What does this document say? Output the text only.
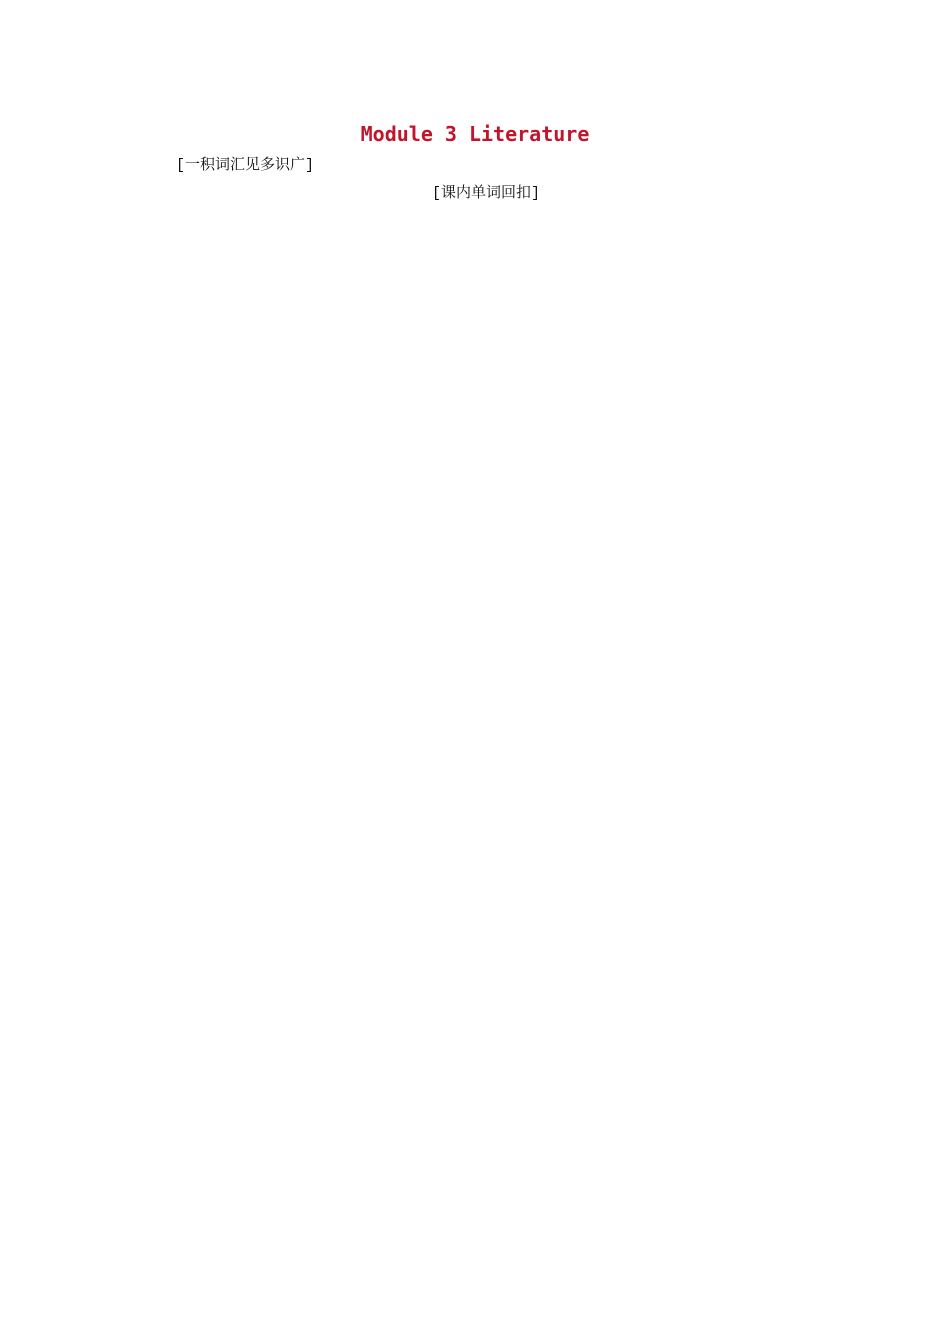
Module 3 Literature
[一积词汇见多识广]
[课内单词回扣]
